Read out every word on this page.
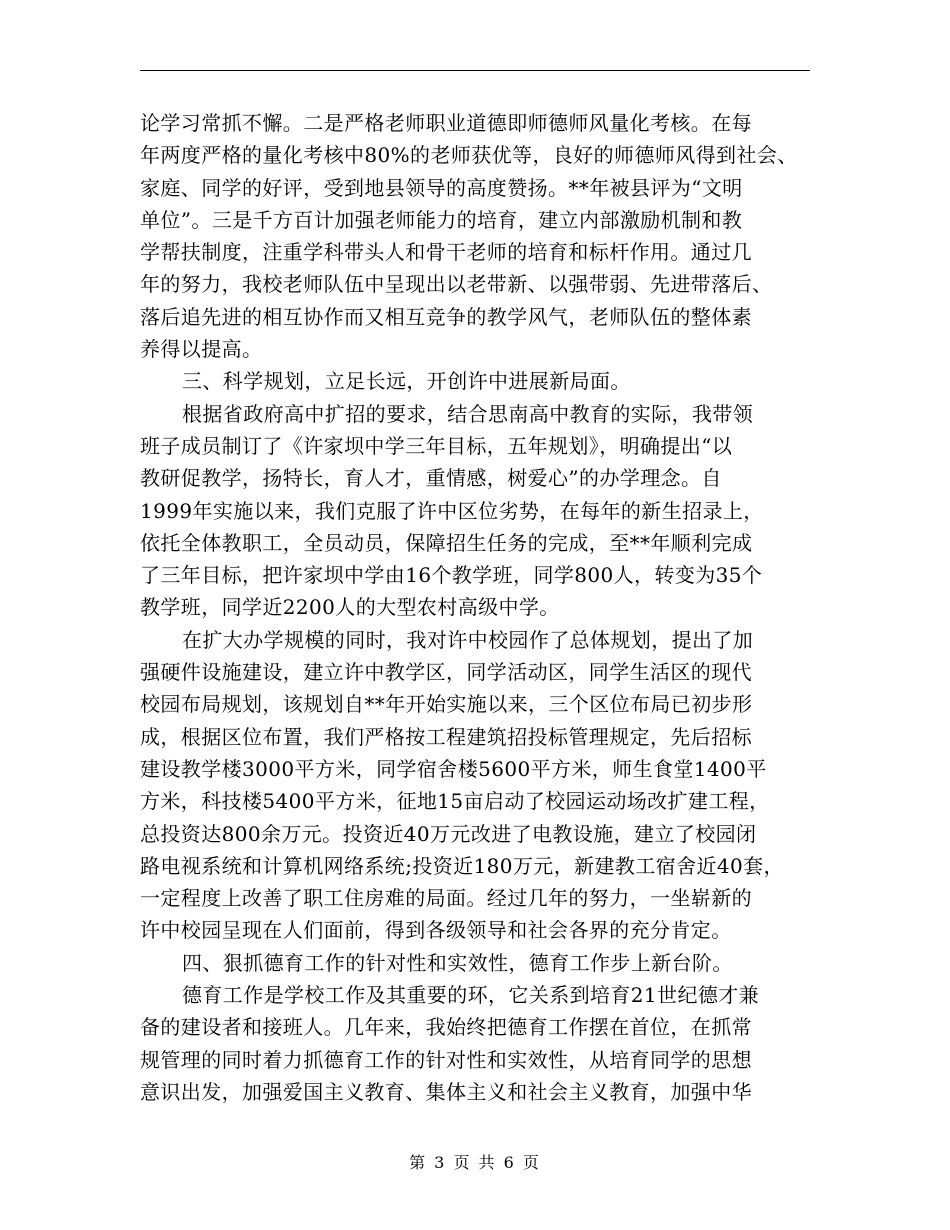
论学习常抓不懈。二是严格老师职业道德即师德师风量化考核。在每
年两度严格的量化考核中80%的老师获优等，良好的师德师风得到社会、
家庭、同学的好评，受到地县领导的高度赞扬。**年被县评为“文明
单位”。三是千方百计加强老师能力的培育，建立内部激励机制和教
学帮扶制度，注重学科带头人和骨干老师的培育和标杆作用。通过几
年的努力，我校老师队伍中呈现出以老带新、以强带弱、先进带落后、
落后追先进的相互协作而又相互竞争的教学风气，老师队伍的整体素
养得以提高。
三、科学规划，立足长远，开创许中进展新局面。
根据省政府高中扩招的要求，结合思南高中教育的实际，我带领
班子成员制订了《许家坝中学三年目标，五年规划》，明确提出“以
教研促教学，扬特长，育人才，重情感，树爱心”的办学理念。自
1999年实施以来，我们克服了许中区位劣势，在每年的新生招录上，
依托全体教职工，全员动员，保障招生任务的完成，至**年顺利完成
了三年目标，把许家坝中学由16个教学班，同学800人，转变为35个
教学班，同学近2200人的大型农村高级中学。
在扩大办学规模的同时，我对许中校园作了总体规划，提出了加
强硬件设施建设，建立许中教学区，同学活动区，同学生活区的现代
校园布局规划，该规划自**年开始实施以来，三个区位布局已初步形
成，根据区位布置，我们严格按工程建筑招投标管理规定，先后招标
建设教学楼3000平方米，同学宿舍楼5600平方米，师生食堂1400平
方米，科技楼5400平方米，征地15亩启动了校园运动场改扩建工程，
总投资达800余万元。投资近40万元改进了电教设施，建立了校园闭
路电视系统和计算机网络系统;投资近180万元，新建教工宿舍近40套，
一定程度上改善了职工住房难的局面。经过几年的努力，一坐崭新的
许中校园呈现在人们面前，得到各级领导和社会各界的充分肯定。
四、狠抓德育工作的针对性和实效性，德育工作步上新台阶。
德育工作是学校工作及其重要的环，它关系到培育21世纪德才兼
备的建设者和接班人。几年来，我始终把德育工作摆在首位，在抓常
规管理的同时着力抓德育工作的针对性和实效性，从培育同学的思想
意识出发，加强爱国主义教育、集体主义和社会主义教育，加强中华
第 3 页 共 6 页
